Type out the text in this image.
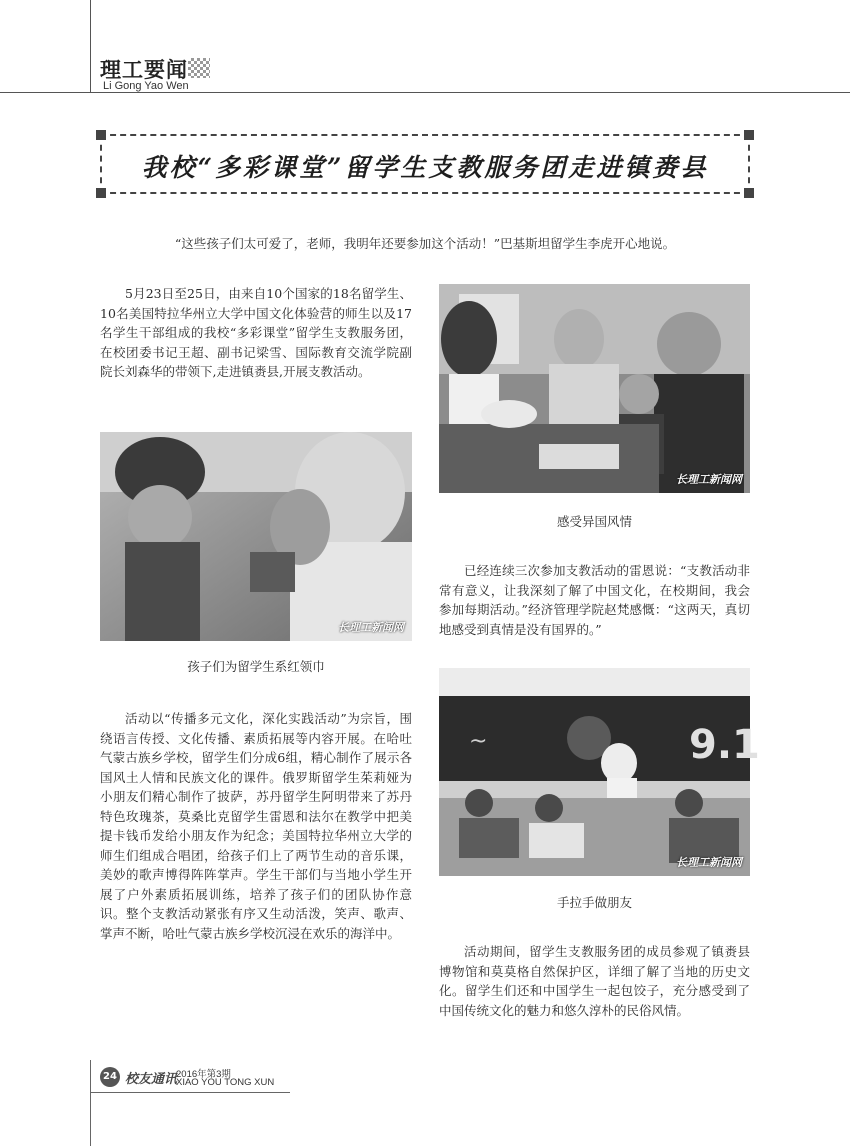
理工要闻
Li Gong Yao Wen
我校“多彩课堂”留学生支教服务团走进镇赉县
“这些孩子们太可爱了，老师，我明年还要参加这个活动！”巴基斯坦留学生李虎开心地说。
5月23日至25日，由来自10个国家的18名留学生、10名美国特拉华州立大学中国文化体验营的师生以及17名学生干部组成的我校“多彩课堂”留学生支教服务团，在校团委书记王超、副书记梁雪、国际教育交流学院副院长刘森华的带领下,走进镇赉县,开展支教活动。
长理工新闻网
孩子们为留学生系红领巾
活动以“传播多元文化，深化实践活动”为宗旨，围绕语言传授、文化传播、素质拓展等内容开展。在哈吐气蒙古族乡学校，留学生们分成6组，精心制作了展示各国风土人情和民族文化的课件。俄罗斯留学生茱莉娅为小朋友们精心制作了披萨，苏丹留学生阿明带来了苏丹特色玫瑰茶，莫桑比克留学生雷恩和法尔在教学中把美提卡钱币发给小朋友作为纪念；美国特拉华州立大学的师生们组成合唱团，给孩子们上了两节生动的音乐课，美妙的歌声博得阵阵掌声。学生干部们与当地小学生开展了户外素质拓展训练，培养了孩子们的团队协作意识。整个支教活动紧张有序又生动活泼，笑声、歌声、掌声不断，哈吐气蒙古族乡学校沉浸在欢乐的海洋中。
长理工新闻网
感受异国风情
已经连续三次参加支教活动的雷恩说：“支教活动非常有意义，让我深刻了解了中国文化，在校期间，我会参加每期活动。”经济管理学院赵梵感慨：“这两天，真切地感受到真情是没有国界的。”
~	9.1
长理工新闻网
手拉手做朋友
活动期间，留学生支教服务团的成员参观了镇赉县博物馆和莫莫格自然保护区，详细了解了当地的历史文化。留学生们还和中国学生一起包饺子，充分感受到了中国传统文化的魅力和悠久淳朴的民俗风情。
24 校友通讯
2016年第3期
XIAO YOU TONG XUN
